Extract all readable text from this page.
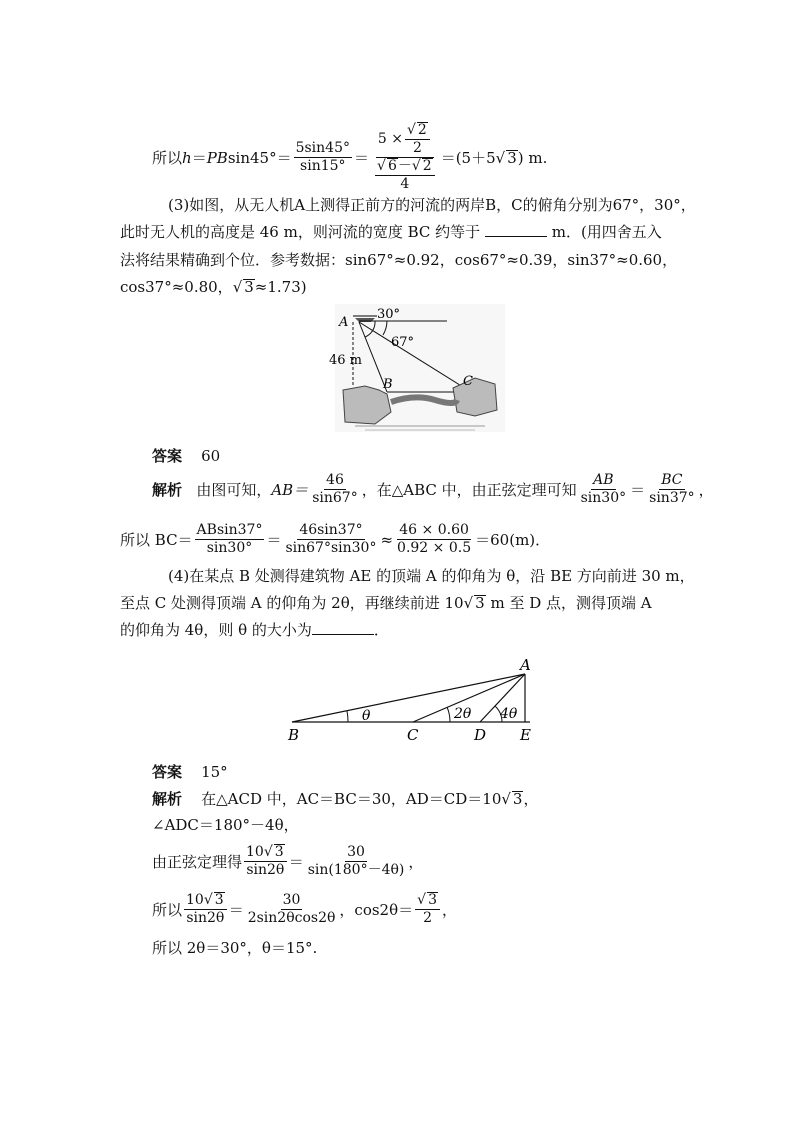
所以 h ＝ PB $\sin 45^\circ = \frac{5\sin 45^\circ}{\sin 15^\circ} = 5$ × √ $\frac{2}{2}$
√ $\frac{6- √ 2}{4} =(5+5$ √ 3 ) m.
(3)如图，从无人机A上测得正前方的河流的两岸B，C的俯角分别为67°，30°，
此时无人机的高度是 46 m，则河流的宽度 BC 约等于	m．(用四舍五入
法将结果精确到个位．参考数据：sin67°≈0.92，cos67°≈0.39，sin37°≈0.60，
cos37°≈0.80， √ 3≈1.73)
A
B	C
46 m
30°
67°
答案 60
解析
由图可知， $AB= \frac{46}{\sin 67^\circ}$ ，在△ABC 中，由正弦定理可知 $\frac{AB}{\sin 30^\circ} = \frac{BC}{\sin 37^\circ}$ ，
所以 $BC= \frac{ABsin37^\circ}{\sin 30^\circ} = \frac{46\sin 37^\circ}{\sin 67^\circ\sin 30^\circ} \approx \frac{46 \times 0.60}{0.92 \times 0.5} =60(m)$．
(4)在某点 B 处测得建筑物 AE 的顶端 A 的仰角为 θ，沿 BE 方向前进 30 m，
至点 C 处测得顶端 A 的仰角为 2θ，再继续前进 10 √ 3 m 至 D 点，测得顶端 A
的仰角为 4θ，则 θ 的大小为	．
A
B	C	D E
θ	2θ 4θ
答案 15°
解析 在△ACD 中，AC＝BC＝30，AD＝CD＝10 √ 3，
∠ADC＝180°－4θ，
由正弦定理得 $\frac{10 √ 3}{\sin 2\theta} = \frac{30}{\sin(180^\circ-4\theta)}$ ，
所以 $\frac{10 √ 3}{\sin 2\theta} = \frac{30}{2\sin 2\theta\cos 2\theta}$ ，cos2θ＝ √ $\frac{3}{2}$ ，
所以 2θ＝30°，θ＝15°.
